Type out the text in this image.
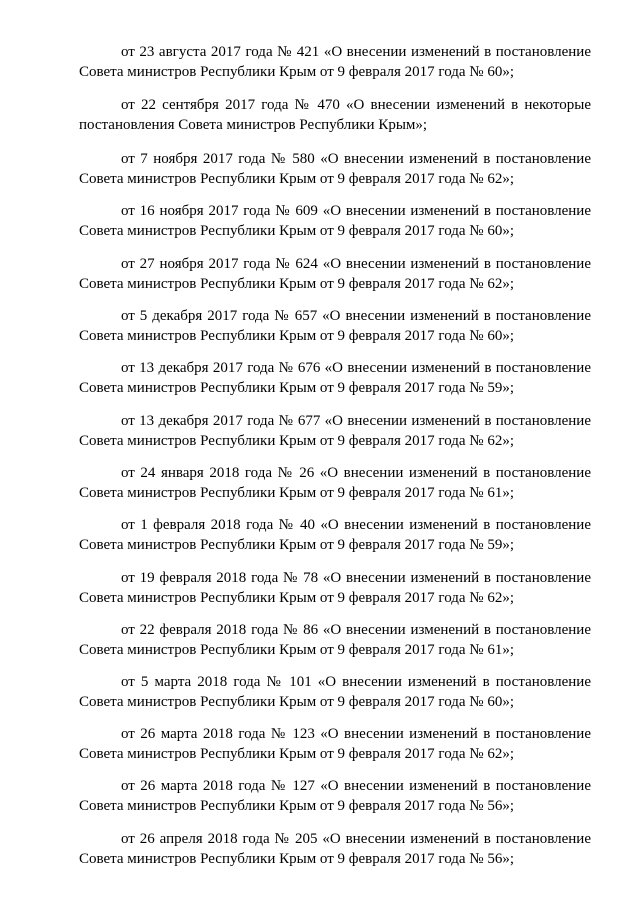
от 23 августа 2017 года № 421 «О внесении изменений в постановление
Совета министров Республики Крым от 9 февраля 2017 года № 60»;
от 22 сентября 2017 года № 470 «О внесении изменений в некоторые
постановления Совета министров Республики Крым»;
от 7 ноября 2017 года № 580 «О внесении изменений в постановление
Совета министров Республики Крым от 9 февраля 2017 года № 62»;
от 16 ноября 2017 года № 609 «О внесении изменений в постановление
Совета министров Республики Крым от 9 февраля 2017 года № 60»;
от 27 ноября 2017 года № 624 «О внесении изменений в постановление
Совета министров Республики Крым от 9 февраля 2017 года № 62»;
от 5 декабря 2017 года № 657 «О внесении изменений в постановление
Совета министров Республики Крым от 9 февраля 2017 года № 60»;
от 13 декабря 2017 года № 676 «О внесении изменений в постановление
Совета министров Республики Крым от 9 февраля 2017 года № 59»;
от 13 декабря 2017 года № 677 «О внесении изменений в постановление
Совета министров Республики Крым от 9 февраля 2017 года № 62»;
от 24 января 2018 года № 26 «О внесении изменений в постановление
Совета министров Республики Крым от 9 февраля 2017 года № 61»;
от 1 февраля 2018 года № 40 «О внесении изменений в постановление
Совета министров Республики Крым от 9 февраля 2017 года № 59»;
от 19 февраля 2018 года № 78 «О внесении изменений в постановление
Совета министров Республики Крым от 9 февраля 2017 года № 62»;
от 22 февраля 2018 года № 86 «О внесении изменений в постановление
Совета министров Республики Крым от 9 февраля 2017 года № 61»;
от 5 марта 2018 года № 101 «О внесении изменений в постановление
Совета министров Республики Крым от 9 февраля 2017 года № 60»;
от 26 марта 2018 года № 123 «О внесении изменений в постановление
Совета министров Республики Крым от 9 февраля 2017 года № 62»;
от 26 марта 2018 года № 127 «О внесении изменений в постановление
Совета министров Республики Крым от 9 февраля 2017 года № 56»;
от 26 апреля 2018 года № 205 «О внесении изменений в постановление
Совета министров Республики Крым от 9 февраля 2017 года № 56»;
